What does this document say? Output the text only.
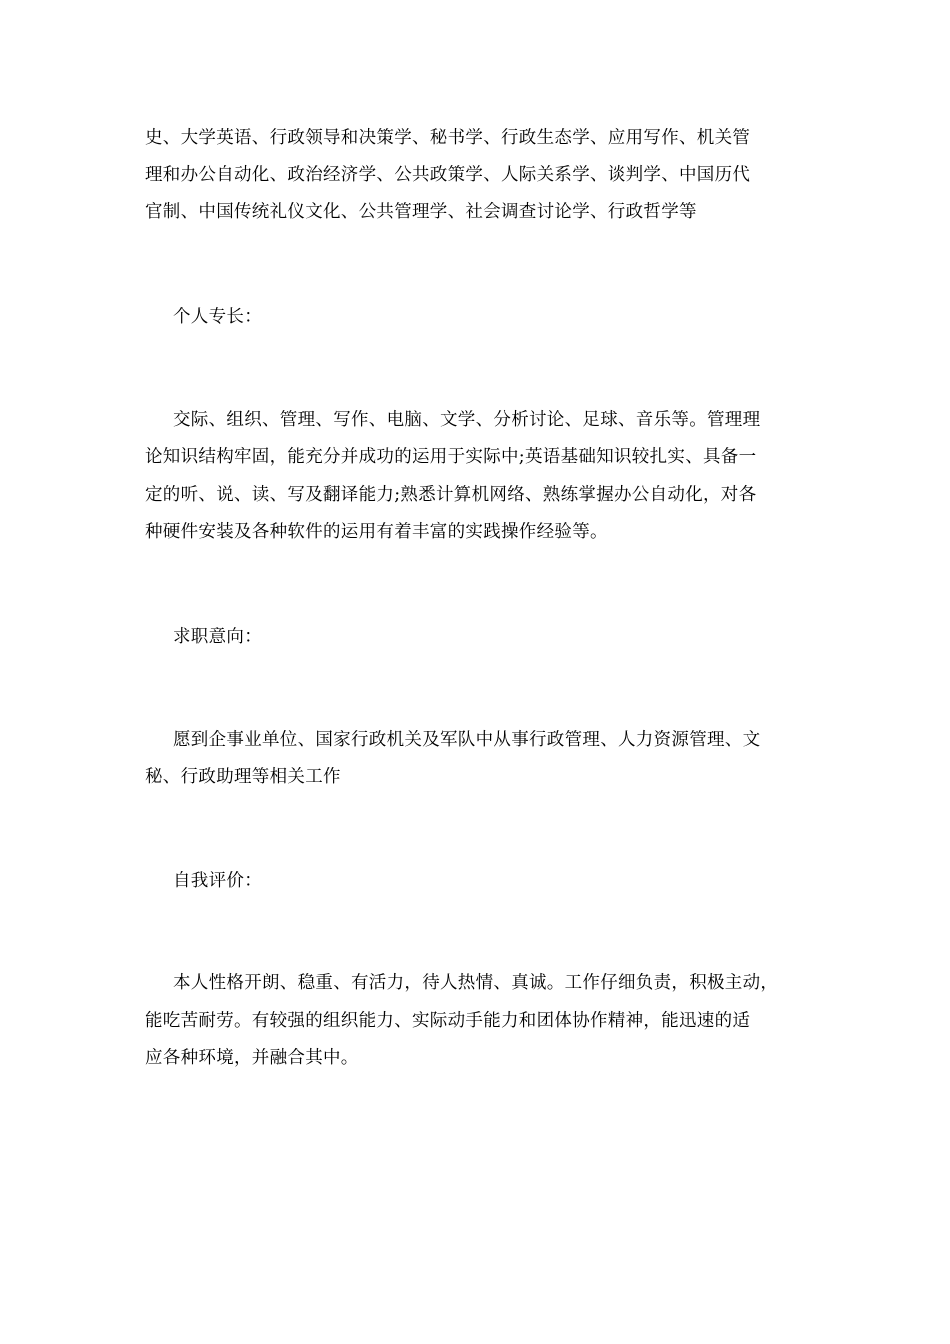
史、大学英语、行政领导和决策学、秘书学、行政生态学、应用写作、机关管
理和办公自动化、政治经济学、公共政策学、人际关系学、谈判学、中国历代
官制、中国传统礼仪文化、公共管理学、社会调查讨论学、行政哲学等
个人专长：
交际、组织、管理、写作、电脑、文学、分析讨论、足球、音乐等。管理理
论知识结构牢固，能充分并成功的运用于实际中;英语基础知识较扎实、具备一
定的听、说、读、写及翻译能力;熟悉计算机网络、熟练掌握办公自动化，对各
种硬件安装及各种软件的运用有着丰富的实践操作经验等。
求职意向：
愿到企事业单位、国家行政机关及军队中从事行政管理、人力资源管理、文
秘、行政助理等相关工作
自我评价：
本人性格开朗、稳重、有活力，待人热情、真诚。工作仔细负责，积极主动，
能吃苦耐劳。有较强的组织能力、实际动手能力和团体协作精神，能迅速的适
应各种环境，并融合其中。
